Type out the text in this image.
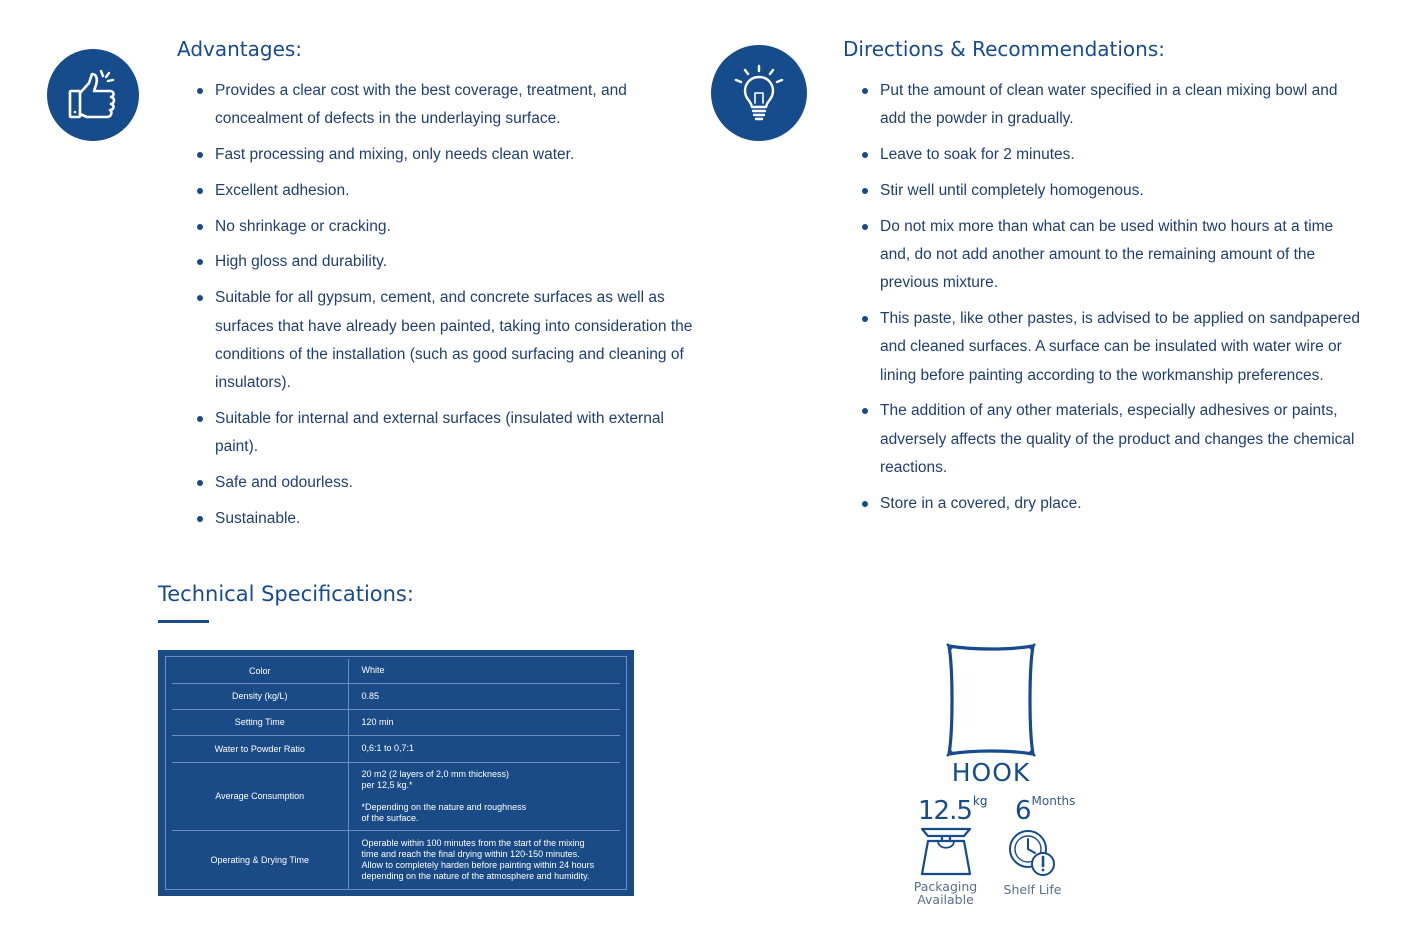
Advantages:
Provides a clear cost with the best coverage, treatment, and concealment of defects in the underlaying surface.
Fast processing and mixing, only needs clean water.
Excellent adhesion.
No shrinkage or cracking.
High gloss and durability.
Suitable for all gypsum, cement, and concrete surfaces as well as surfaces that have already been painted, taking into consideration the conditions of the installation (such as good surfacing and cleaning of insulators).
Suitable for internal and external surfaces (insulated with external paint).
Safe and odourless.
Sustainable.
Directions & Recommendations:
Put the amount of clean water specified in a clean mixing bowl and add the powder in gradually.
Leave to soak for 2 minutes.
Stir well until completely homogenous.
Do not mix more than what can be used within two hours at a time and, do not add another amount to the remaining amount of the previous mixture.
This paste, like other pastes, is advised to be applied on sandpapered and cleaned surfaces. A surface can be insulated with water wire or lining before painting according to the workmanship preferences.
The addition of any other materials, especially adhesives or paints, adversely affects the quality of the product and changes the chemical reactions.
Store in a covered, dry place.
Technical Specifications:
Color	White
Density (kg/L)	0.85
Setting Time	120 min
Water to Powder Ratio	0,6:1 to 0,7:1
Average Consumption	20 m2 (2 layers of 2,0 mm thickness)
per 12,5 kg.*

*Depending on the nature and roughness
of the surface.
Operating & Drying Time	Operable within 100 minutes from the start of the mixing
time and reach the final drying within 120-150 minutes.
Allow to completely harden before painting within 24 hours
depending on the nature of the atmosphere and humidity.
HOOK
$12.5^{kg}$ $6^{Months}$
Packaging Available
Shelf Life
